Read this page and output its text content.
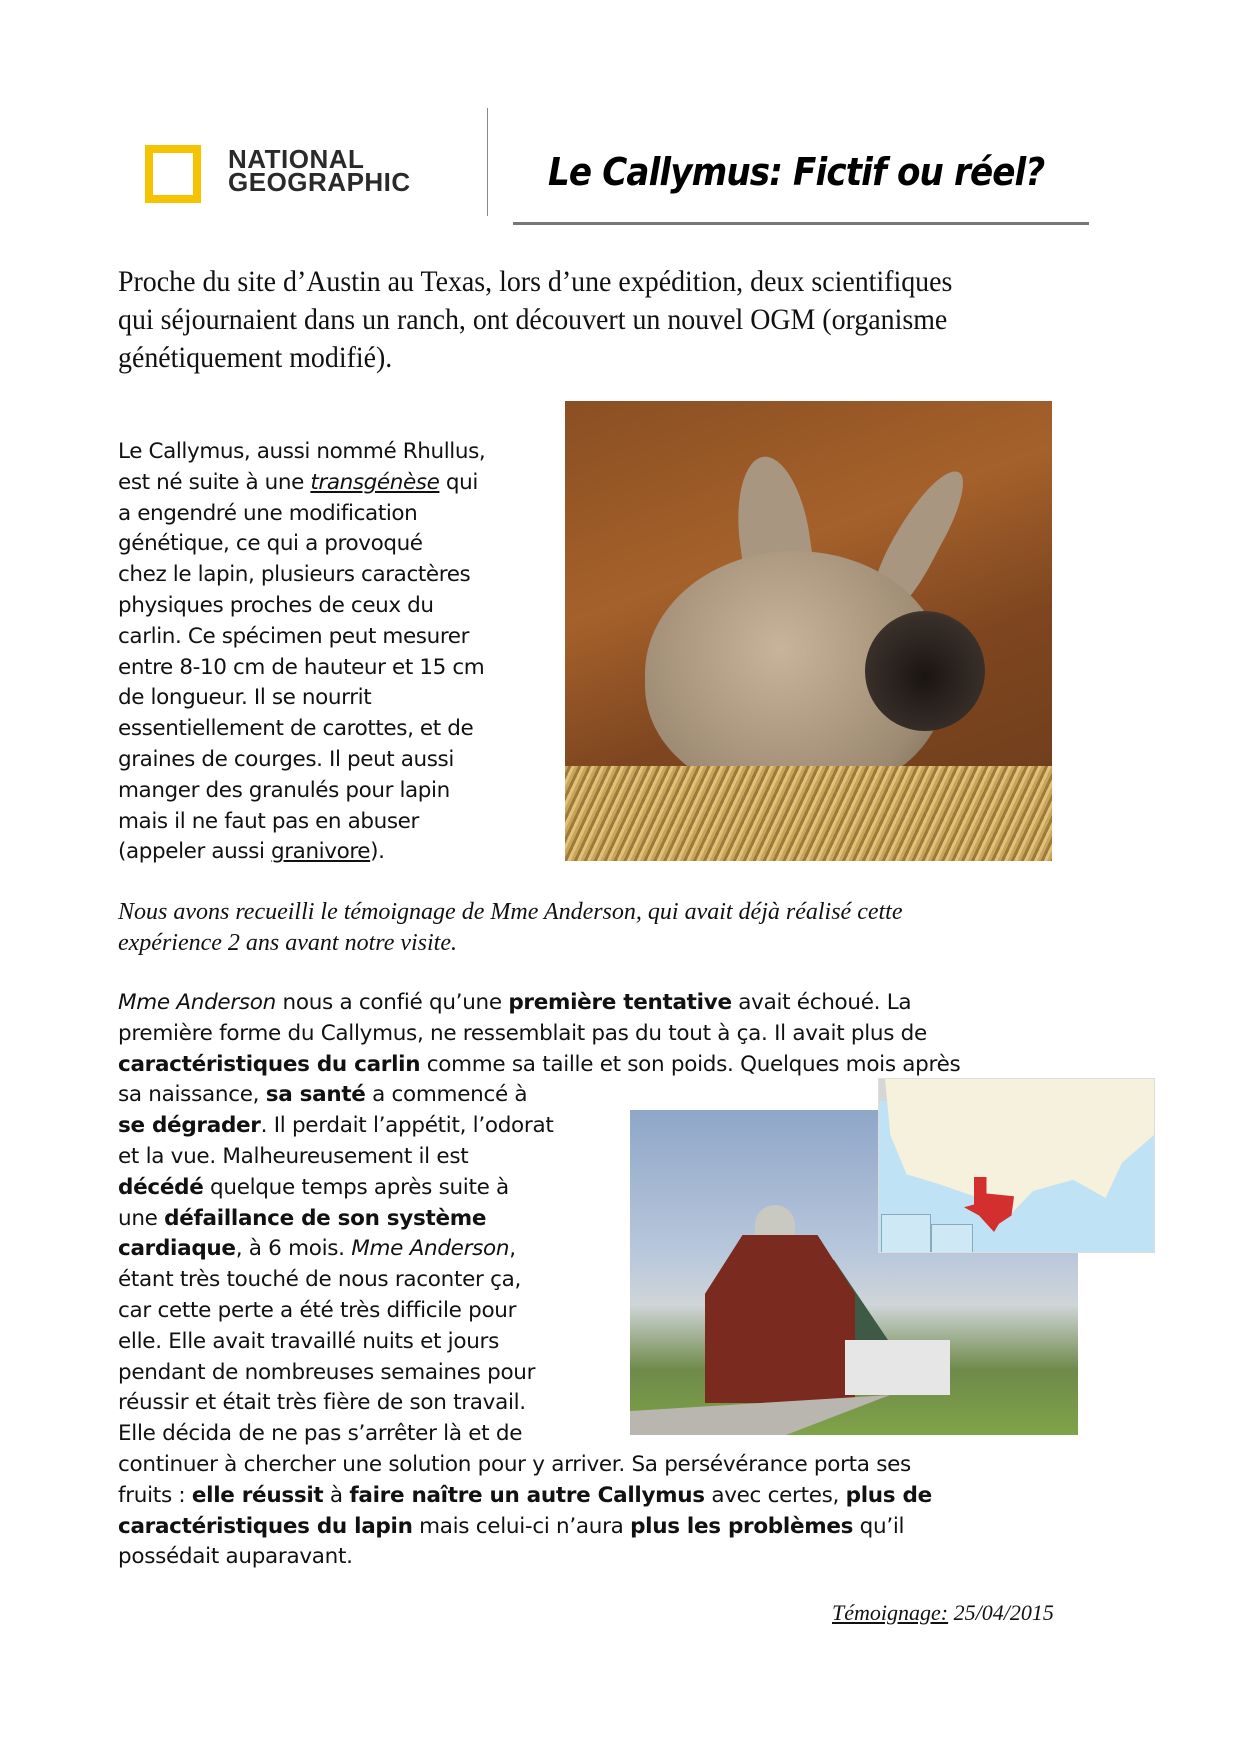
NATIONAL
GEOGRAPHIC	Le Callymus: Fictif ou réel?
Proche du site d’Austin au Texas, lors d’une expédition, deux scientifiques
qui séjournaient dans un ranch, ont découvert un nouvel OGM (organisme
génétiquement modifié).
Le Callymus, aussi nommé Rhullus,
est né suite à une transgénèse qui
a engendré une modification
génétique, ce qui a provoqué
chez le lapin, plusieurs caractères
physiques proches de ceux du
carlin. Ce spécimen peut mesurer
entre 8-10 cm de hauteur et 15 cm
de longueur. Il se nourrit
essentiellement de carottes, et de
graines de courges. Il peut aussi
manger des granulés pour lapin
mais il ne faut pas en abuser
(appeler aussi granivore).
Nous avons recueilli le témoignage de Mme Anderson, qui avait déjà réalisé cette
expérience 2 ans avant notre visite.
Mme Anderson nous a confié qu’une première tentative avait échoué. La
première forme du Callymus, ne ressemblait pas du tout à ça. Il avait plus de
caractéristiques du carlin comme sa taille et son poids. Quelques mois après
sa naissance, sa santé a commencé à
se dégrader. Il perdait l’appétit, l’odorat
et la vue. Malheureusement il est
décédé quelque temps après suite à
une défaillance de son système
cardiaque, à 6 mois. Mme Anderson,
étant très touché de nous raconter ça,
car cette perte a été très difficile pour
elle. Elle avait travaillé nuits et jours
pendant de nombreuses semaines pour
réussir et était très fière de son travail.
Elle décida de ne pas s’arrêter là et de
continuer à chercher une solution pour y arriver. Sa persévérance porta ses
fruits : elle réussit à faire naître un autre Callymus avec certes, plus de
caractéristiques du lapin mais celui-ci n’aura plus les problèmes qu’il
possédait auparavant.
Témoignage: 25/04/2015
